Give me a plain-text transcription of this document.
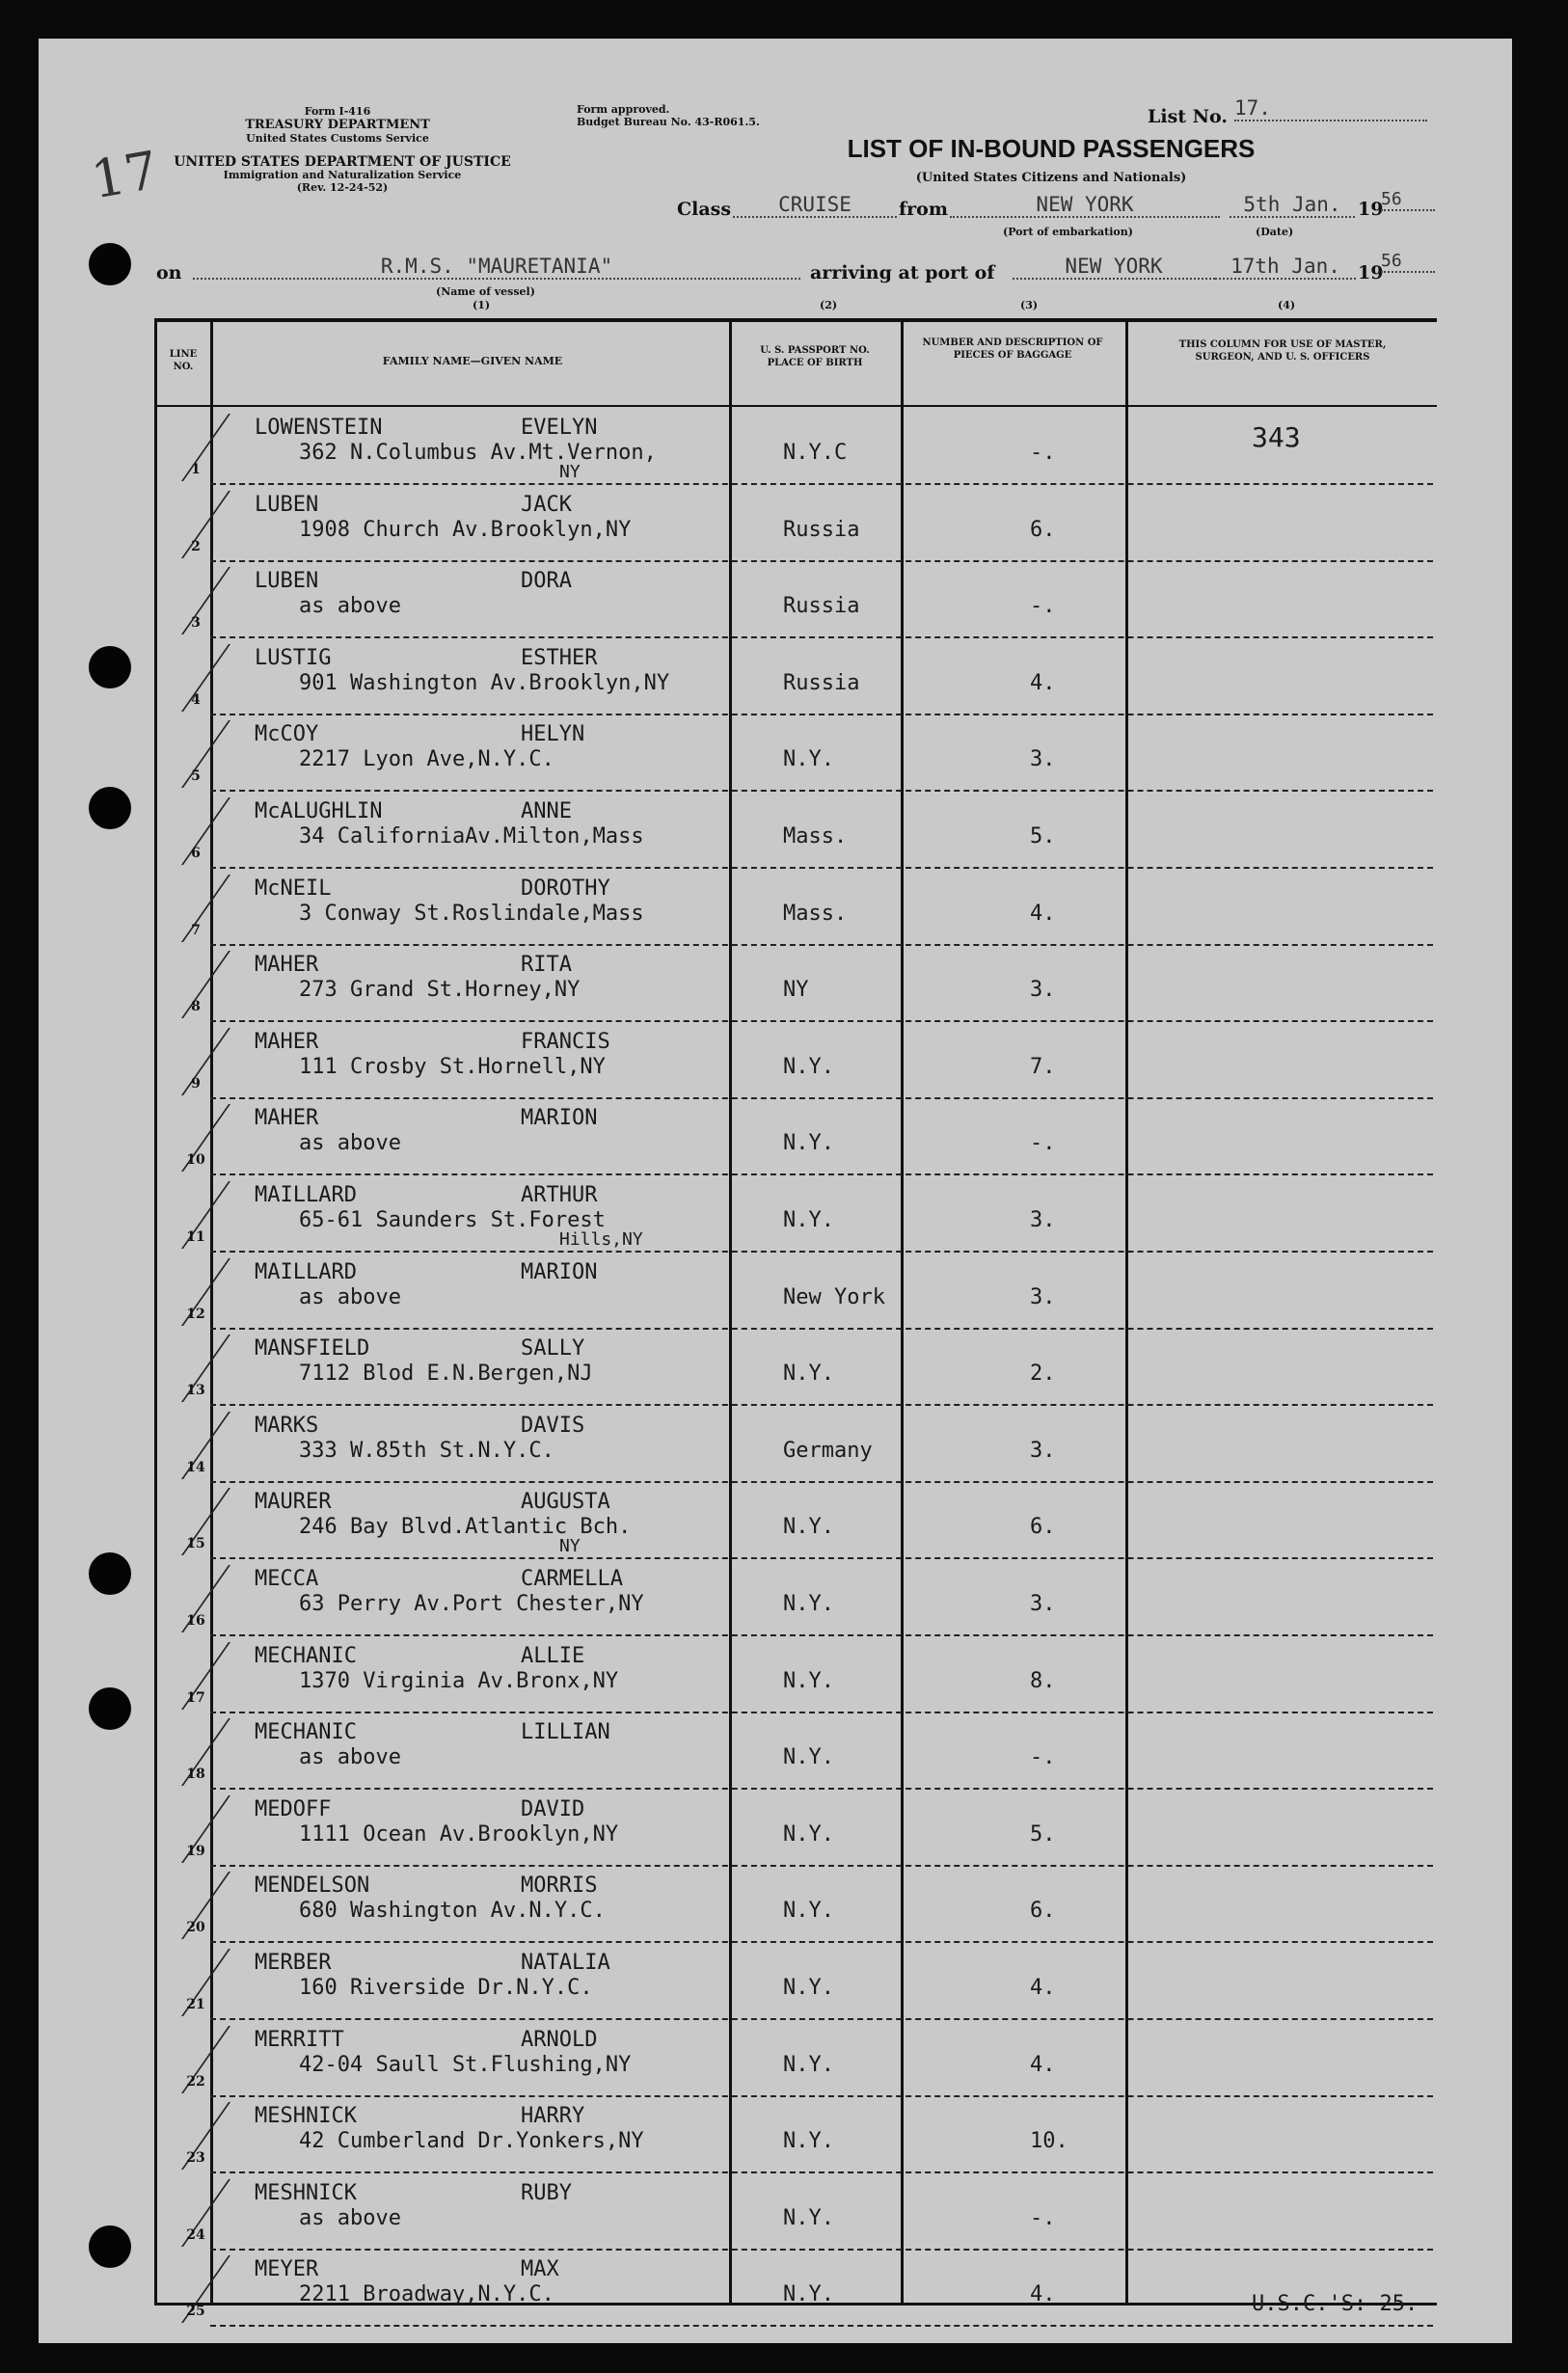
17
Form I-416
TREASURY DEPARTMENT
United States Customs Service
UNITED STATES DEPARTMENT OF JUSTICE
Immigration and Naturalization Service
(Rev. 12-24-52)
Form approved.
Budget Bureau No. 43-R061.5.	List No. 17.
LIST OF IN-BOUND PASSENGERS
(United States Citizens and Nationals)
Class	CRUISE	from	NEW YORK
(Port of embarkation)
5th Jan. 19
56
(Date)
on	R.M.S. "MAURETANIA"
(Name of vessel)
arriving at port of	NEW YORK	17th Jan. 19
56
(1)	(2)	(3)	(4)
LINE NO.	FAMILY NAME—GIVEN NAME
U. S. PASSPORT NO. PLACE OF BIRTH
NUMBER AND DESCRIPTION OF PIECES OF BAGGAGE
THIS COLUMN FOR USE OF MASTER, SURGEON, AND U. S. OFFICERS
1
LOWENSTEIN	EVELYN
362 N.Columbus Av.Mt.Vernon,
NY
N.Y.C	-.	343
2
LUBEN	JACK
1908 Church Av.Brooklyn,NY	Russia	6.
3
LUBEN	DORA
as above	Russia	-.
4
LUSTIG	ESTHER
901 Washington Av.Brooklyn,NY	Russia	4.
5
McCOY	HELYN
2217 Lyon Ave,N.Y.C.	N.Y.	3.
6
McALUGHLIN	ANNE
34 CaliforniaAv.Milton,Mass	Mass.	5.
7
McNEIL	DOROTHY
3 Conway St.Roslindale,Mass	Mass.	4.
8
MAHER	RITA
273 Grand St.Horney,NY	NY	3.
9
MAHER	FRANCIS
111 Crosby St.Hornell,NY	N.Y.	7.
10
MAHER	MARION
as above	N.Y.	-.
11
MAILLARD	ARTHUR
65-61 Saunders St.Forest
Hills,NY
N.Y.	3.
12
MAILLARD	MARION
as above	New York	3.
13
MANSFIELD	SALLY
7112 Blod E.N.Bergen,NJ	N.Y.	2.
14
MARKS	DAVIS
333 W.85th St.N.Y.C.	Germany	3.
15
MAURER	AUGUSTA
246 Bay Blvd.Atlantic Bch.
NY
N.Y.	6.
16
MECCA	CARMELLA
63 Perry Av.Port Chester,NY	N.Y.	3.
17
MECHANIC	ALLIE
1370 Virginia Av.Bronx,NY	N.Y.	8.
18
MECHANIC	LILLIAN
as above	N.Y.	-.
19
MEDOFF	DAVID
1111 Ocean Av.Brooklyn,NY	N.Y.	5.
20
MENDELSON	MORRIS
680 Washington Av.N.Y.C.	N.Y.	6.
21
MERBER	NATALIA
160 Riverside Dr.N.Y.C.	N.Y.	4.
22
MERRITT	ARNOLD
42-04 Saull St.Flushing,NY	N.Y.	4.
23
MESHNICK	HARRY
42 Cumberland Dr.Yonkers,NY	N.Y.	10.
24
MESHNICK	RUBY
as above	N.Y.	-.
25
MEYER	MAX
2211 Broadway,N.Y.C.	N.Y.	4.	U.S.C.'S: 25.
